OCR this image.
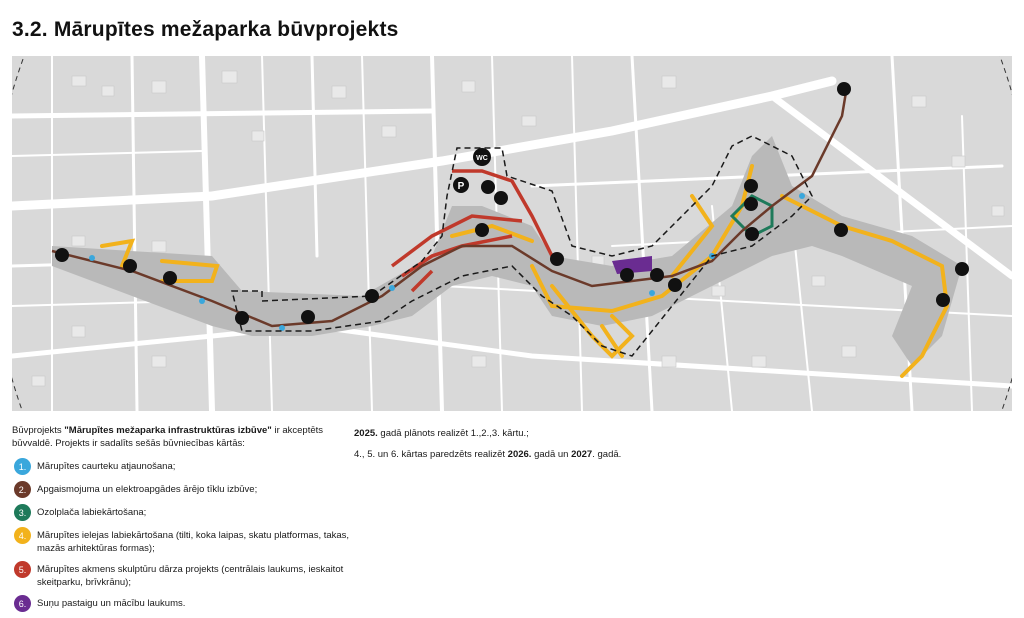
3.2. Mārupītes mežaparka būvprojekts
P
WC
Būvprojekts "Mārupītes mežaparka infrastruktūras izbūve" ir akceptēts būvvaldē. Projekts ir sadalīts sešās būvniecības kārtās:
1.	Mārupītes caurteku atjaunošana;
2.	Apgaismojuma un elektroapgādes ārējo tīklu izbūve;
3.	Ozolplača labiekārtošana;
4.	Mārupītes ielejas labiekārtošana (tilti, koka laipas, skatu platformas, takas, mazās arhitektūras formas);
5.	Mārupītes akmens skulptūru dārza projekts (centrālais laukums, ieskaitot skeitparku, brīvkrānu);
6.	Suņu pastaigu un mācību laukums.

2025. gadā plānots realizēt 1.,2.,3. kārtu.;

4., 5. un 6. kārtas paredzēts realizēt 2026. gadā un 2027. gadā.
